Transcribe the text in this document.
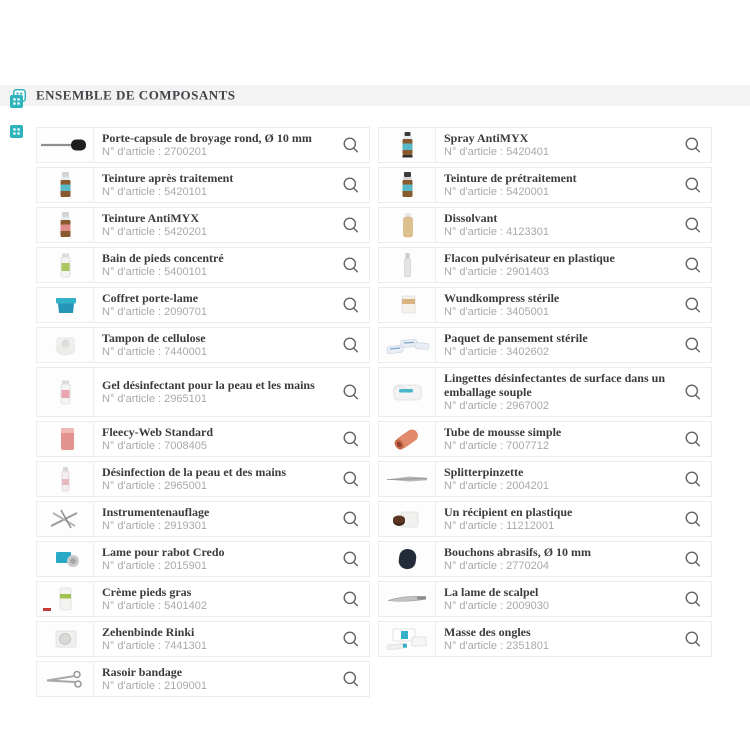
ENSEMBLE DE COMPOSANTS
Porte-capsule de broyage rond, Ø 10 mm
N° d'article : 2700201
Teinture après traitement
N° d'article : 5420101
Teinture AntiMYX
N° d'article : 5420201
Bain de pieds concentré
N° d'article : 5400101
Coffret porte-lame
N° d'article : 2090701
Tampon de cellulose
N° d'article : 7440001
Gel désinfectant pour la peau et les mains
N° d'article : 2965101
Fleecy-Web Standard
N° d'article : 7008405
Désinfection de la peau et des mains
N° d'article : 2965001
Instrumentenauflage
N° d'article : 2919301
Lame pour rabot Credo
N° d'article : 2015901
Crème pieds gras
N° d'article : 5401402
Zehenbinde Rinki
N° d'article : 7441301
Rasoir bandage
N° d'article : 2109001
Spray AntiMYX
N° d'article : 5420401
Teinture de prétraitement
N° d'article : 5420001
Dissolvant
N° d'article : 4123301
Flacon pulvérisateur en plastique
N° d'article : 2901403
Wundkompress stérile
N° d'article : 3405001
Paquet de pansement stérile
N° d'article : 3402602
Lingettes désinfectantes de surface dans un emballage souple
N° d'article : 2967002
Tube de mousse simple
N° d'article : 7007712
Splitterpinzette
N° d'article : 2004201
Un récipient en plastique
N° d'article : 11212001
Bouchons abrasifs, Ø 10 mm
N° d'article : 2770204
La lame de scalpel
N° d'article : 2009030
Masse des ongles
N° d'article : 2351801
